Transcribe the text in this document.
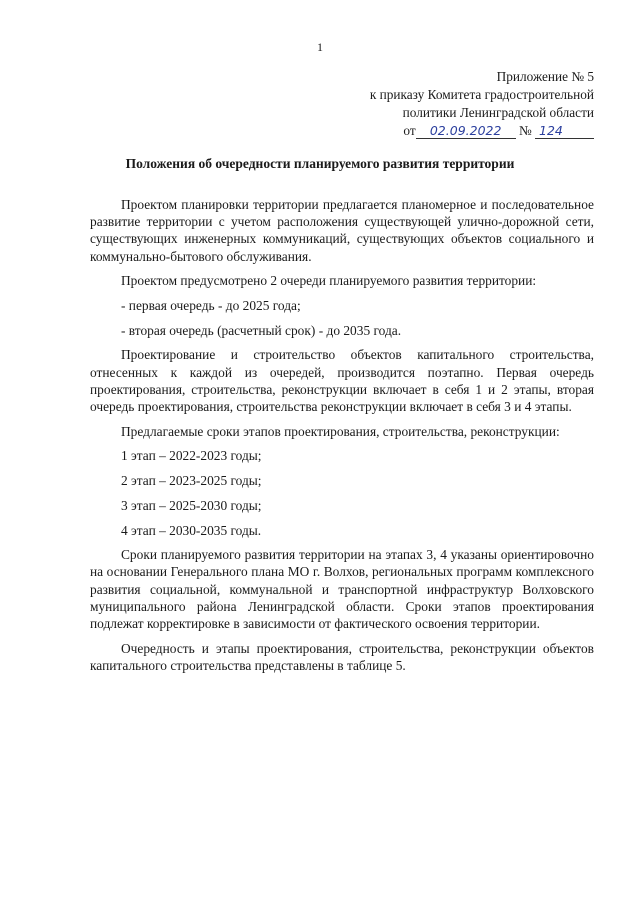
1
Приложение № 5
к приказу Комитета градостроительной
политики Ленинградской области
от 02.09.2022 № 124
Положения об очередности планируемого развития территории

Проектом планировки территории предлагается планомерное и последовательное развитие территории с учетом расположения существующей улично-дорожной сети, существующих инженерных коммуникаций, существующих объектов социального и коммунально-бытового обслуживания.

Проектом предусмотрено 2 очереди планируемого развития территории:

- первая очередь - до 2025 года;

- вторая очередь (расчетный срок) - до 2035 года.

Проектирование и строительство объектов капитального строительства, отнесенных к каждой из очередей, производится поэтапно. Первая очередь проектирования, строительства, реконструкции включает в себя 1 и 2 этапы, вторая очередь проектирования, строительства реконструкции включает в себя 3 и 4 этапы.

Предлагаемые сроки этапов проектирования, строительства, реконструкции:

1 этап – 2022-2023 годы;

2 этап – 2023-2025 годы;

3 этап – 2025-2030 годы;

4 этап – 2030-2035 годы.

Сроки планируемого развития территории на этапах 3, 4 указаны ориентировочно на основании Генерального плана МО г. Волхов, региональных программ комплексного развития социальной, коммунальной и транспортной инфраструктур Волховского муниципального района Ленинградской области. Сроки этапов проектирования подлежат корректировке в зависимости от фактического освоения территории.

Очередность и этапы проектирования, строительства, реконструкции объектов капитального строительства представлены в таблице 5.
